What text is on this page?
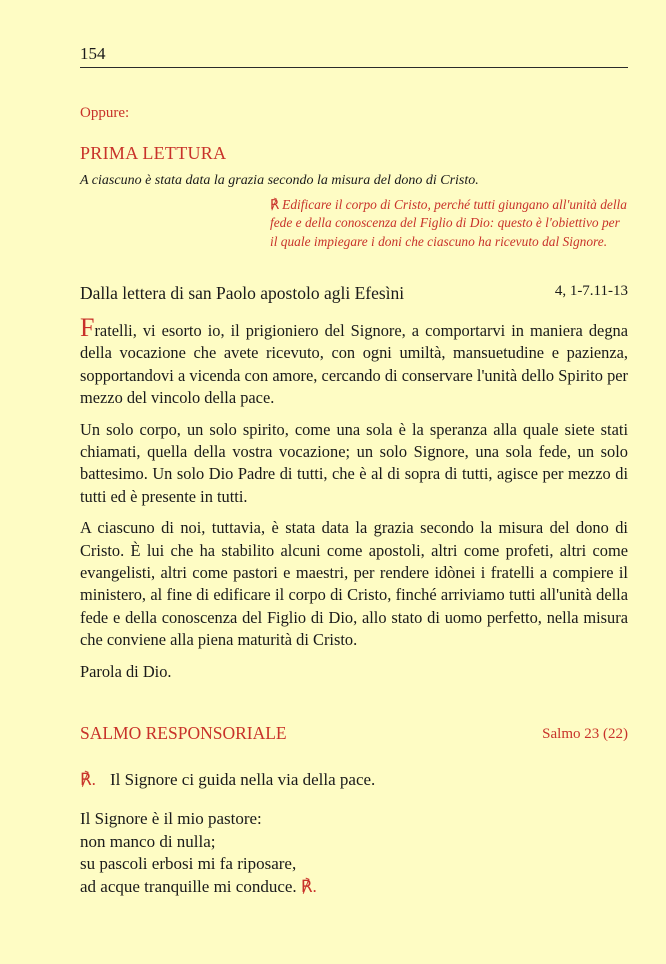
154
Oppure:
PRIMA LETTURA
A ciascuno è stata data la grazia secondo la misura del dono di Cristo.
℟ Edificare il corpo di Cristo, perché tutti giungano all'unità della fede e della conoscenza del Figlio di Dio: questo è l'obiettivo per il quale impiegare i doni che ciascuno ha ricevuto dal Signore.
Dalla lettera di san Paolo apostolo agli Efesìni	4, 1-7.11-13

Fratelli, vi esorto io, il prigioniero del Signore, a comportarvi in maniera degna della vocazione che avete ricevuto, con ogni umiltà, mansuetudine e pazienza, sopportandovi a vicenda con amore, cercando di conservare l'unità dello Spirito per mezzo del vincolo della pace.

Un solo corpo, un solo spirito, come una sola è la speranza alla quale siete stati chiamati, quella della vostra vocazione; un solo Signore, una sola fede, un solo battesimo. Un solo Dio Padre di tutti, che è al di sopra di tutti, agisce per mezzo di tutti ed è presente in tutti.

A ciascuno di noi, tuttavia, è stata data la grazia secondo la misura del dono di Cristo. È lui che ha stabilito alcuni come apostoli, altri come profeti, altri come evangelisti, altri come pastori e maestri, per rendere idònei i fratelli a compiere il ministero, al fine di edificare il corpo di Cristo, finché arriviamo tutti all'unità della fede e della conoscenza del Figlio di Dio, allo stato di uomo perfetto, nella misura che conviene alla piena maturità di Cristo.

Parola di Dio.

SALMO RESPONSORIALE	Salmo 23 (22)
℟. Il Signore ci guida nella via della pace.
Il Signore è il mio pastore:
non manco di nulla;
su pascoli erbosi mi fa riposare,
ad acque tranquille mi conduce. ℟.
